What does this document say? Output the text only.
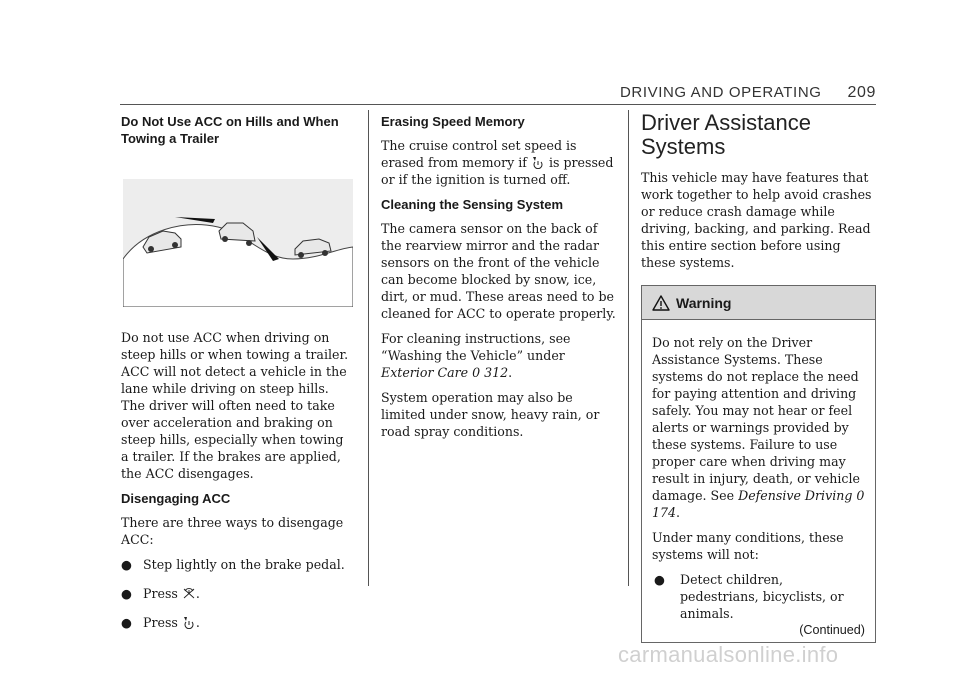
DRIVING AND OPERATING 209
Do Not Use ACC on Hills and When Towing a Trailer

Do not use ACC when driving on steep hills or when towing a trailer. ACC will not detect a vehicle in the lane while driving on steep hills. The driver will often need to take over acceleration and braking on steep hills, especially when towing a trailer. If the brakes are applied, the ACC disengages.

Disengaging ACC

There are three ways to disengage ACC:

● Step lightly on the brake pedal.
● Press .
● Press .
Erasing Speed Memory

The cruise control set speed is erased from memory if is pressed or if the ignition is turned off.

Cleaning the Sensing System

The camera sensor on the back of the rearview mirror and the radar sensors on the front of the vehicle can become blocked by snow, ice, dirt, or mud. These areas need to be cleaned for ACC to operate properly.

For cleaning instructions, see “Washing the Vehicle” under Exterior Care 0 312.

System operation may also be limited under snow, heavy rain, or road spray conditions.

Driver Assistance Systems

This vehicle may have features that work together to help avoid crashes or reduce crash damage while driving, backing, and parking. Read this entire section before using these systems.

Warning

Do not rely on the Driver Assistance Systems. These systems do not replace the need for paying attention and driving safely. You may not hear or feel alerts or warnings provided by these systems. Failure to use proper care when driving may result in injury, death, or vehicle damage. See Defensive Driving 0 174.

Under many conditions, these systems will not:

●	Detect children, pedestrians, bicyclists, or animals.
(Continued)
carmanualsonline.info
